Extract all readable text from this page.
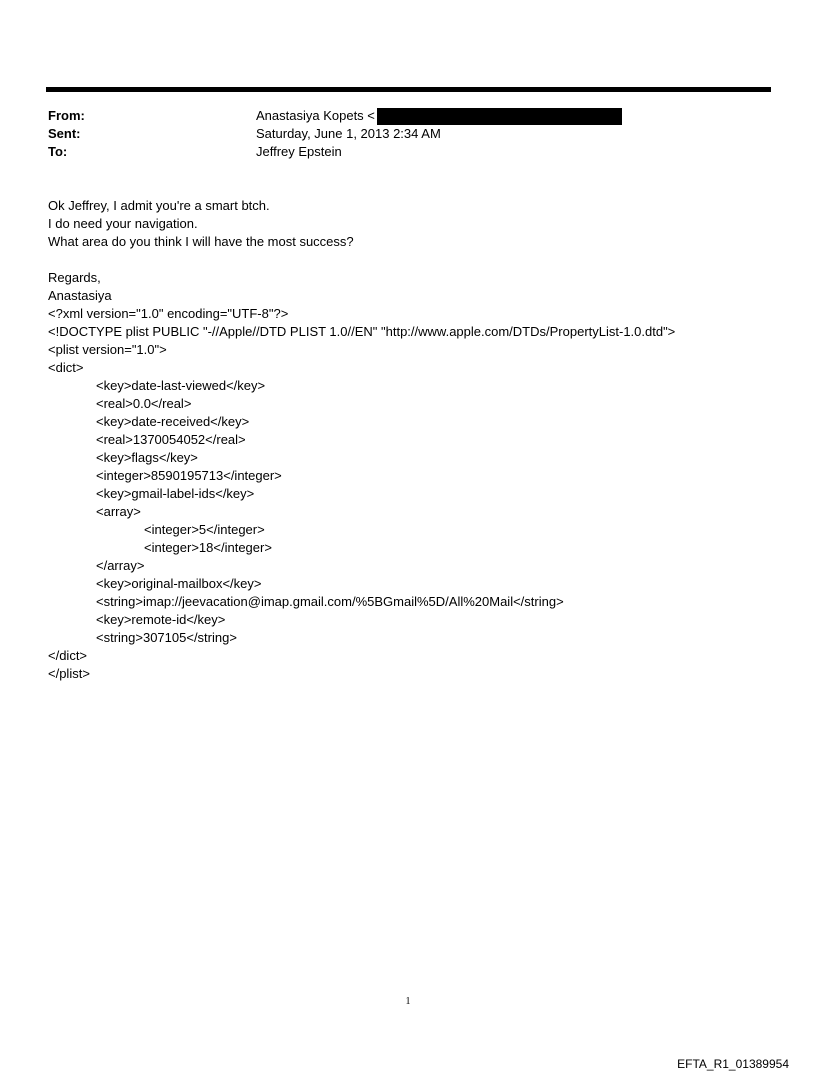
From:	Anastasiya Kopets <
Sent:	Saturday, June 1, 2013 2:34 AM
To:	Jeffrey Epstein
Ok Jeffrey, I admit you're a smart btch.
I do need your navigation.
What area do you think I will have the most success?
Regards,
Anastasiya
<?xml version="1.0" encoding="UTF-8"?>
<!DOCTYPE plist PUBLIC "-//Apple//DTD PLIST 1.0//EN" "http://www.apple.com/DTDs/PropertyList-1.0.dtd">
<plist version="1.0">
<dict>
<key>date-last-viewed</key>
<real>0.0</real>
<key>date-received</key>
<real>1370054052</real>
<key>flags</key>
<integer>8590195713</integer>
<key>gmail-label-ids</key>
<array>
<integer>5</integer>
<integer>18</integer>
</array>
<key>original-mailbox</key>
<string>imap://jeevacation@imap.gmail.com/%5BGmail%5D/All%20Mail</string>
<key>remote-id</key>
<string>307105</string>
</dict>
</plist>
1
EFTA_R1_01389954
